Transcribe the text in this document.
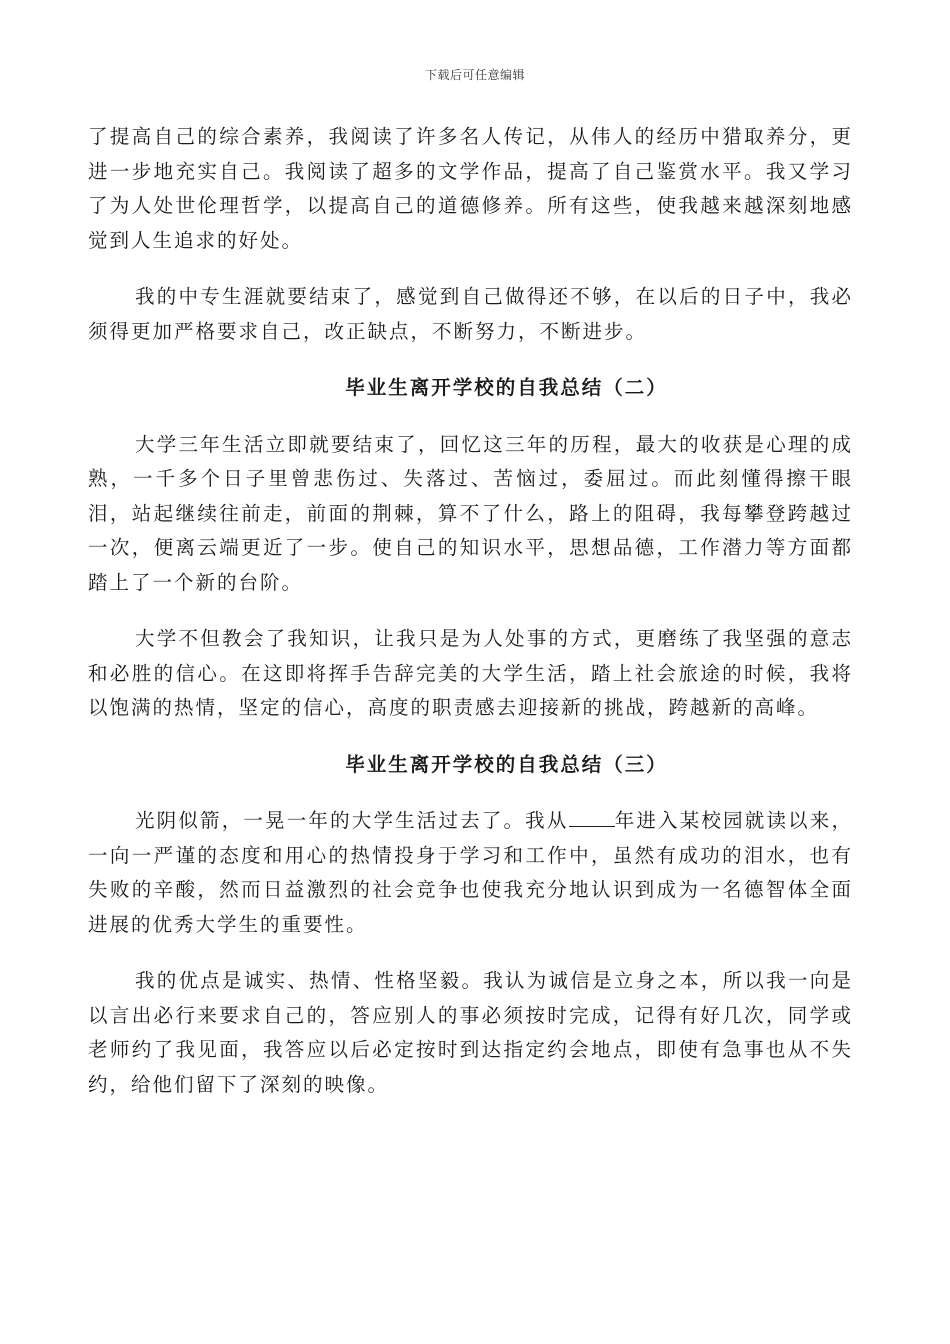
下载后可任意编辑

了提高自己的综合素养，我阅读了许多名人传记，从伟人的经历中猎取养分，更进一步地充实自己。我阅读了超多的文学作品，提高了自己鉴赏水平。我又学习了为人处世伦理哲学，以提高自己的道德修养。所有这些，使我越来越深刻地感觉到人生追求的好处。

我的中专生涯就要结束了，感觉到自己做得还不够，在以后的日子中，我必须得更加严格要求自己，改正缺点，不断努力，不断进步。

毕业生离开学校的自我总结（二）

大学三年生活立即就要结束了，回忆这三年的历程，最大的收获是心理的成熟，一千多个日子里曾悲伤过、失落过、苦恼过，委屈过。而此刻懂得擦干眼泪，站起继续往前走，前面的荆棘，算不了什么，路上的阻碍，我每攀登跨越过一次，便离云端更近了一步。使自己的知识水平，思想品德，工作潜力等方面都踏上了一个新的台阶。

大学不但教会了我知识，让我只是为人处事的方式，更磨练了我坚强的意志和必胜的信心。在这即将挥手告辞完美的大学生活，踏上社会旅途的时候，我将以饱满的热情，坚定的信心，高度的职责感去迎接新的挑战，跨越新的高峰。

毕业生离开学校的自我总结（三）

光阴似箭，一晃一年的大学生活过去了。我从 年进入某校园就读以来，一向一严谨的态度和用心的热情投身于学习和工作中，虽然有成功的泪水，也有失败的辛酸，然而日益激烈的社会竞争也使我充分地认识到成为一名德智体全面进展的优秀大学生的重要性。

我的优点是诚实、热情、性格坚毅。我认为诚信是立身之本，所以我一向是以言出必行来要求自己的，答应别人的事必须按时完成，记得有好几次，同学或老师约了我见面，我答应以后必定按时到达指定约会地点，即使有急事也从不失约，给他们留下了深刻的映像。
